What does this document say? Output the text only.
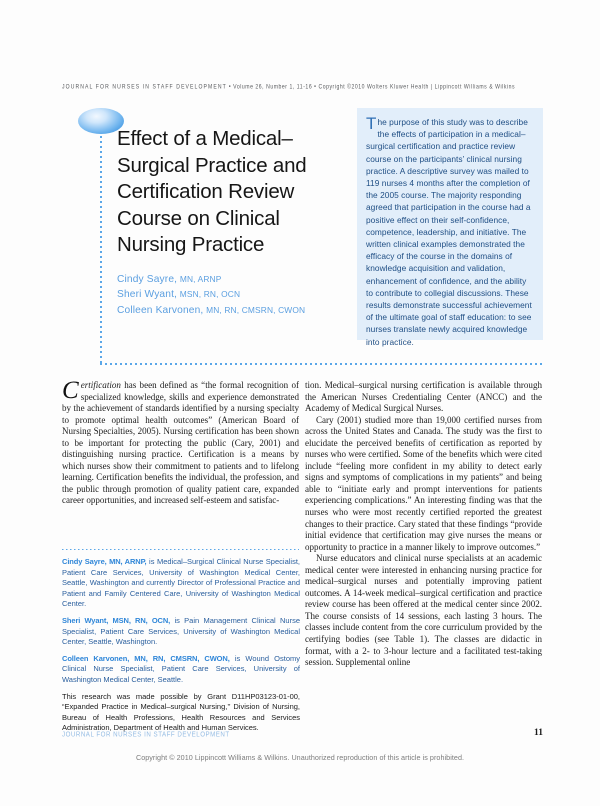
JOURNAL FOR NURSES IN STAFF DEVELOPMENT • Volume 26, Number 1, 11-16 • Copyright ©2010 Wolters Kluwer Health | Lippincott Williams & Wilkins
Effect of a Medical–Surgical Practice and Certification Review Course on Clinical Nursing Practice
Cindy Sayre, MN, ARNP
Sheri Wyant, MSN, RN, OCN
Colleen Karvonen, MN, RN, CMSRN, CWON
The purpose of this study was to describe the effects of participation in a medical–surgical certification and practice review course on the participants’ clinical nursing practice. A descriptive survey was mailed to 119 nurses 4 months after the completion of the 2005 course. The majority responding agreed that participation in the course had a positive effect on their self-confidence, competence, leadership, and initiative. The written clinical examples demonstrated the efficacy of the course in the domains of knowledge acquisition and validation, enhancement of confidence, and the ability to contribute to collegial discussions. These results demonstrate successful achievement of the ultimate goal of staff education: to see nurses translate newly acquired knowledge into practice.

Certification has been defined as “the formal recognition of specialized knowledge, skills and experience demonstrated by the achievement of standards identified by a nursing specialty to promote optimal health outcomes” (American Board of Nursing Specialties, 2005). Nursing certification has been shown to be important for protecting the public (Cary, 2001) and distinguishing nursing practice. Certification is a means by which nurses show their commitment to patients and to lifelong learning. Certification benefits the individual, the profession, and the public through promotion of quality patient care, expanded career opportunities, and increased self-esteem and satisfac-

tion. Medical–surgical nursing certification is available through the American Nurses Credentialing Center (ANCC) and the Academy of Medical Surgical Nurses.

Cary (2001) studied more than 19,000 certified nurses from across the United States and Canada. The study was the first to elucidate the perceived benefits of certification as reported by nurses who were certified. Some of the benefits which were cited include “feeling more confident in my ability to detect early signs and symptoms of complications in my patients” and being able to “initiate early and prompt interventions for patients experiencing complications.” An interesting finding was that the nurses who were most recently certified reported the greatest changes to their practice. Cary stated that these findings “provide initial evidence that certification may give nurses the means or opportunity to practice in a manner likely to improve outcomes.”

Nurse educators and clinical nurse specialists at an academic medical center were interested in enhancing nursing practice for medical–surgical nurses and potentially improving patient outcomes. A 14-week medical–surgical certification and practice review course has been offered at the medical center since 2002. The course consists of 14 sessions, each lasting 3 hours. The classes include content from the core curriculum provided by the certifying bodies (see Table 1). The classes are didactic in format, with a 2- to 3-hour lecture and a facilitated test-taking session. Supplemental online

Cindy Sayre, MN, ARNP, is Medical–Surgical Clinical Nurse Specialist, Patient Care Services, University of Washington Medical Center, Seattle, Washington and currently Director of Professional Practice and Patient and Family Centered Care, University of Washington Medical Center.

Sheri Wyant, MSN, RN, OCN, is Pain Management Clinical Nurse Specialist, Patient Care Services, University of Washington Medical Center, Seattle, Washington.

Colleen Karvonen, MN, RN, CMSRN, CWON, is Wound Ostomy Clinical Nurse Specialist, Patient Care Services, University of Washington Medical Center, Seattle.

This research was made possible by Grant D11HP03123-01-00, “Expanded Practice in Medical–surgical Nursing,’’ Division of Nursing, Bureau of Health Professions, Health Resources and Services Administration, Department of Health and Human Services.

JOURNAL FOR NURSES IN STAFF DEVELOPMENT	11
Copyright © 2010 Lippincott Williams & Wilkins. Unauthorized reproduction of this article is prohibited.
